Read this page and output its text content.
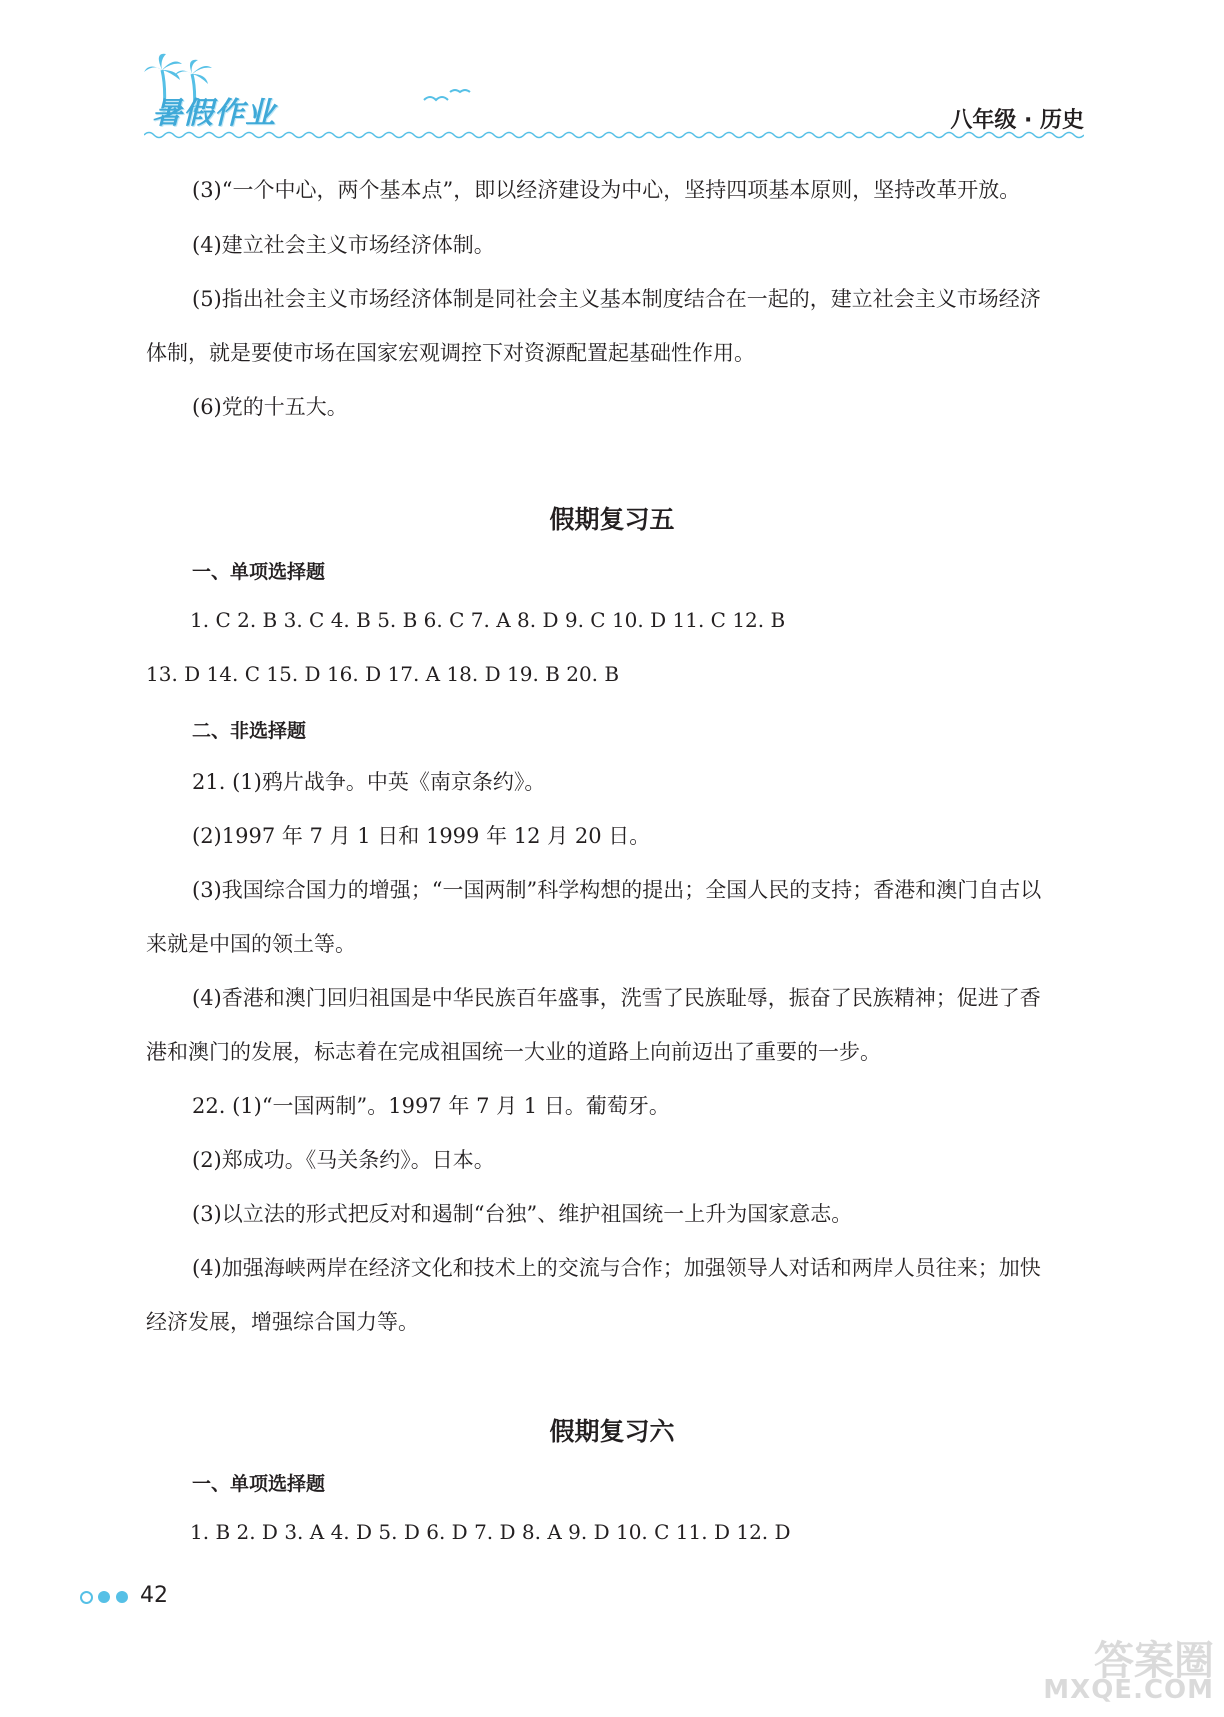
暑假作业	八年级 · 历史
(3)“一个中心，两个基本点”，即以经济建设为中心，坚持四项基本原则，坚持改革开放。
(4)建立社会主义市场经济体制。
(5)指出社会主义市场经济体制是同社会主义基本制度结合在一起的，建立社会主义市场经济
体制，就是要使市场在国家宏观调控下对资源配置起基础性作用。
(6)党的十五大。
假期复习五
一、单项选择题
1. C 2. B 3. C 4. B 5. B 6. C 7. A 8. D 9. C 10. D 11. C 12. B
13. D 14. C 15. D 16. D 17. A 18. D 19. B 20. B
二、非选择题
21. (1)鸦片战争。中英《南京条约》。
(2)1997 年 7 月 1 日和 1999 年 12 月 20 日。
(3)我国综合国力的增强；“一国两制”科学构想的提出；全国人民的支持；香港和澳门自古以
来就是中国的领土等。
(4)香港和澳门回归祖国是中华民族百年盛事，洗雪了民族耻辱，振奋了民族精神；促进了香
港和澳门的发展，标志着在完成祖国统一大业的道路上向前迈出了重要的一步。
22. (1)“一国两制”。1997 年 7 月 1 日。葡萄牙。
(2)郑成功。《马关条约》。日本。
(3)以立法的形式把反对和遏制“台独”、维护祖国统一上升为国家意志。
(4)加强海峡两岸在经济文化和技术上的交流与合作；加强领导人对话和两岸人员往来；加快
经济发展，增强综合国力等。
假期复习六
一、单项选择题
1. B 2. D 3. A 4. D 5. D 6. D 7. D 8. A 9. D 10. C 11. D 12. D
42
答案圈
MXQE.COM
